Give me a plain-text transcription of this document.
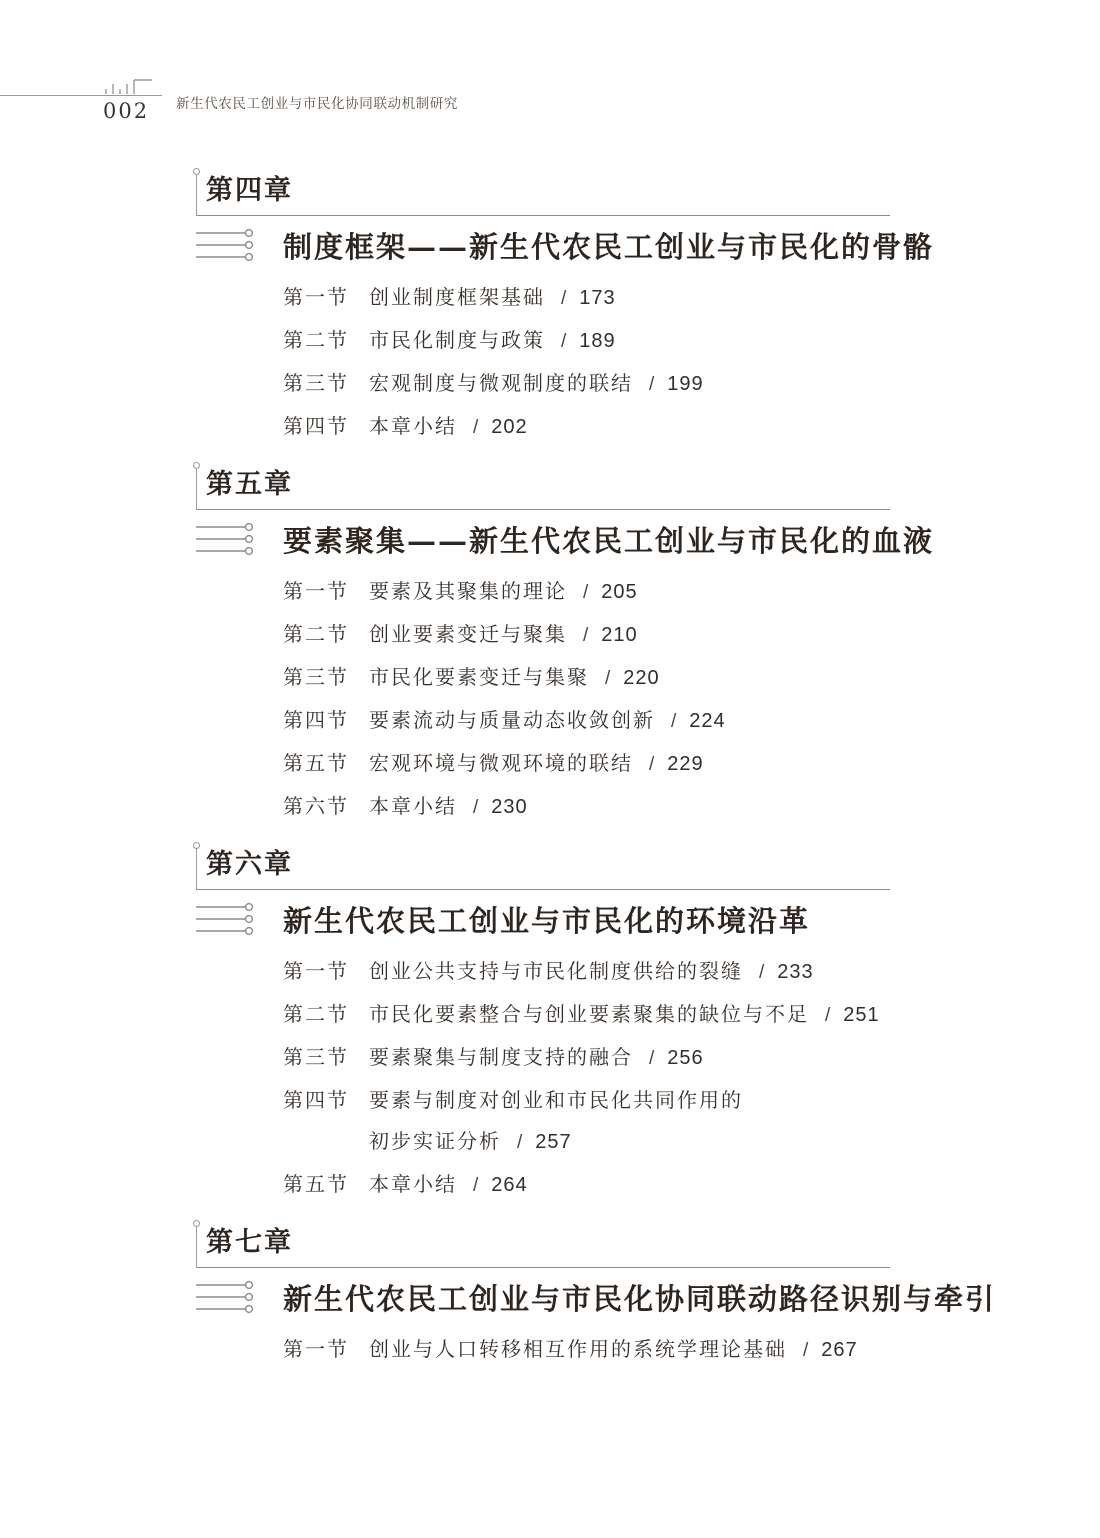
002 新生代农民工创业与市民化协同联动机制研究
第四章
制度框架——新生代农民工创业与市民化的骨骼
第一节 创业制度框架基础 / 173
第二节 市民化制度与政策 / 189
第三节 宏观制度与微观制度的联结 / 199
第四节 本章小结 / 202
第五章
要素聚集——新生代农民工创业与市民化的血液
第一节 要素及其聚集的理论 / 205
第二节 创业要素变迁与聚集 / 210
第三节 市民化要素变迁与集聚 / 220
第四节 要素流动与质量动态收敛创新 / 224
第五节 宏观环境与微观环境的联结 / 229
第六节 本章小结 / 230
第六章
新生代农民工创业与市民化的环境沿革
第一节 创业公共支持与市民化制度供给的裂缝 / 233
第二节 市民化要素整合与创业要素聚集的缺位与不足 / 251
第三节 要素聚集与制度支持的融合 / 256
第四节 要素与制度对创业和市民化共同作用的
初步实证分析 / 257
第五节 本章小结 / 264
第七章
新生代农民工创业与市民化协同联动路径识别与牵引
第一节 创业与人口转移相互作用的系统学理论基础 / 267
